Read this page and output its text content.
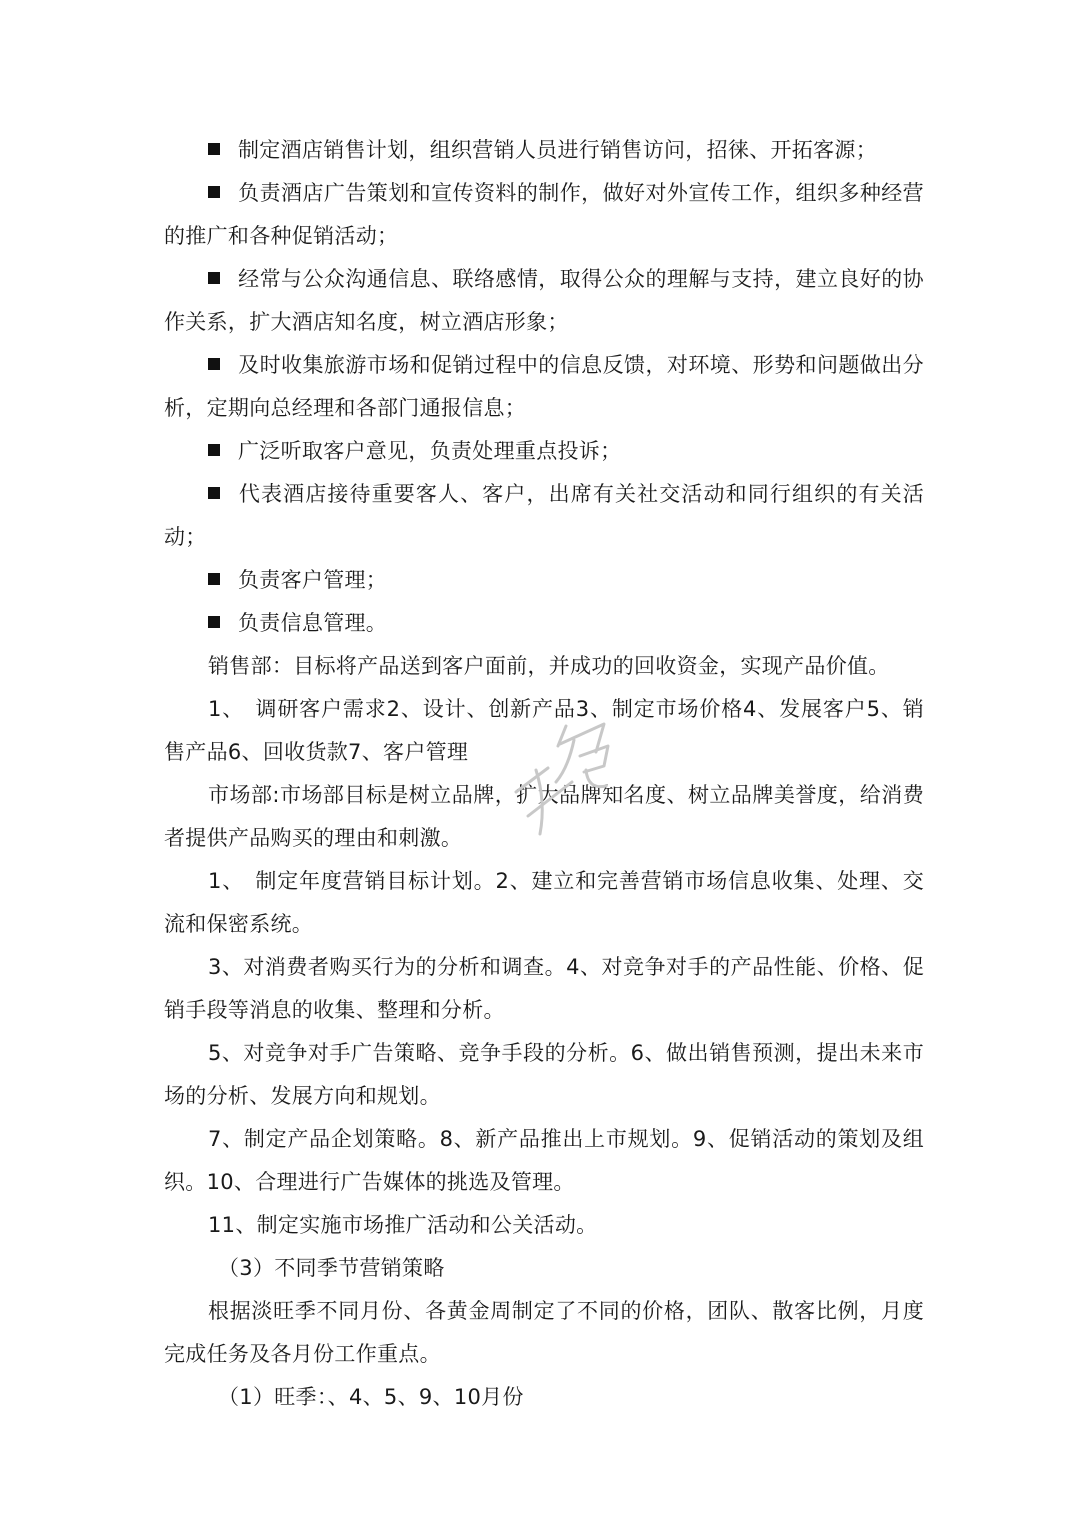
制定酒店销售计划，组织营销人员进行销售访问，招徕、开拓客源；

负责酒店广告策划和宣传资料的制作，做好对外宣传工作，组织多种经营的推广和各种促销活动；

经常与公众沟通信息、联络感情，取得公众的理解与支持，建立良好的协作关系，扩大酒店知名度，树立酒店形象；

及时收集旅游市场和促销过程中的信息反馈，对环境、形势和问题做出分析，定期向总经理和各部门通报信息；

广泛听取客户意见，负责处理重点投诉；

代表酒店接待重要客人、客户，出席有关社交活动和同行组织的有关活动；

负责客户管理；

负责信息管理。

销售部：目标将产品送到客户面前，并成功的回收资金，实现产品价值。

1、　调研客户需求2、设计、创新产品3、制定市场价格4、发展客户5、销售产品6、回收货款7、客户管理

市场部:市场部目标是树立品牌，扩大品牌知名度、树立品牌美誉度，给消费者提供产品购买的理由和刺激。

1、　制定年度营销目标计划。2、建立和完善营销市场信息收集、处理、交流和保密系统。

3、对消费者购买行为的分析和调查。4、对竞争对手的产品性能、价格、促销手段等消息的收集、整理和分析。

5、对竞争对手广告策略、竞争手段的分析。6、做出销售预测，提出未来市场的分析、发展方向和规划。

7、制定产品企划策略。8、新产品推出上市规划。9、促销活动的策划及组织。10、合理进行广告媒体的挑选及管理。

11、制定实施市场推广活动和公关活动。

（3）不同季节营销策略

根据淡旺季不同月份、各黄金周制定了不同的价格，团队、散客比例，月度完成任务及各月份工作重点。

（1）旺季：、4、5、9、10月份
